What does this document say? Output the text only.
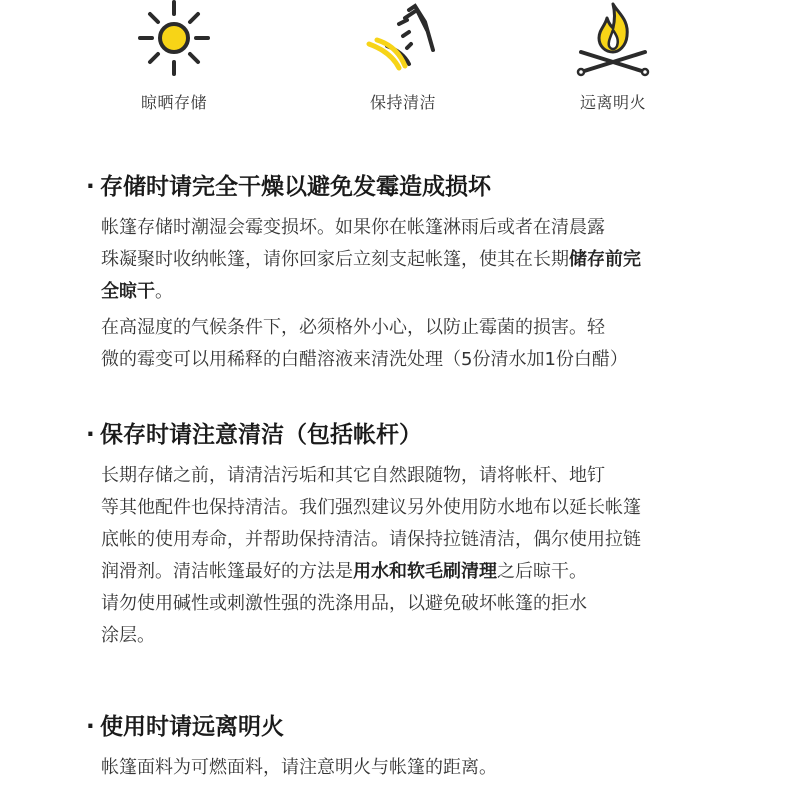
晾晒存储	保持清洁	远离明火
· 存储时请完全干燥以避免发霉造成损坏

帐篷存储时潮湿会霉变损坏。如果你在帐篷淋雨后或者在清晨露
珠凝聚时收纳帐篷，请你回家后立刻支起帐篷，使其在长期储存前完
全晾干。

在高湿度的气候条件下，必须格外小心，以防止霉菌的损害。轻
微的霉变可以用稀释的白醋溶液来清洗处理（5份清水加1份白醋）

· 保存时请注意清洁（包括帐杆）

长期存储之前，请清洁污垢和其它自然跟随物，请将帐杆、地钉
等其他配件也保持清洁。我们强烈建议另外使用防水地布以延长帐篷
底帐的使用寿命，并帮助保持清洁。请保持拉链清洁，偶尔使用拉链
润滑剂。清洁帐篷最好的方法是用水和软毛刷清理之后晾干。
请勿使用碱性或刺激性强的洗涤用品，以避免破坏帐篷的拒水
涂层。

· 使用时请远离明火

帐篷面料为可燃面料，请注意明火与帐篷的距离。
